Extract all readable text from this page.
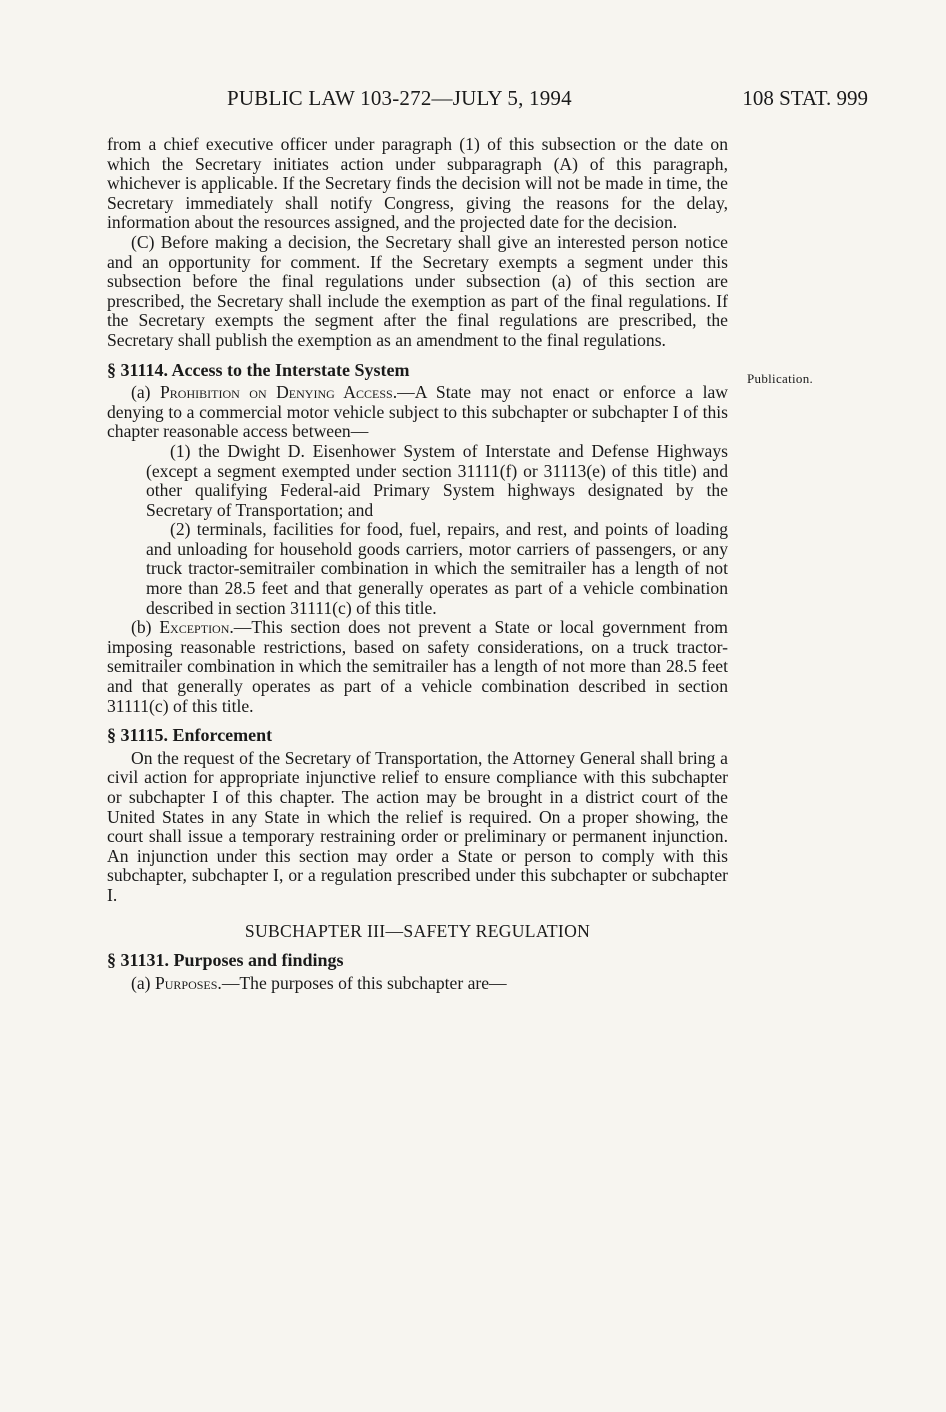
PUBLIC LAW 103-272—JULY 5, 1994	108 STAT. 999
Publication.

from a chief executive officer under paragraph (1) of this subsection or the date on which the Secretary initiates action under subparagraph (A) of this paragraph, whichever is applicable. If the Secretary finds the decision will not be made in time, the Secretary immediately shall notify Congress, giving the reasons for the delay, information about the resources assigned, and the projected date for the decision.

(C) Before making a decision, the Secretary shall give an interested person notice and an opportunity for comment. If the Secretary exempts a segment under this subsection before the final regulations under subsection (a) of this section are prescribed, the Secretary shall include the exemption as part of the final regulations. If the Secretary exempts the segment after the final regulations are prescribed, the Secretary shall publish the exemption as an amendment to the final regulations.

§ 31114. Access to the Interstate System

(a) Prohibition on Denying Access.—A State may not enact or enforce a law denying to a commercial motor vehicle subject to this subchapter or subchapter I of this chapter reasonable access between—

(1) the Dwight D. Eisenhower System of Interstate and Defense Highways (except a segment exempted under section 31111(f) or 31113(e) of this title) and other qualifying Federal-aid Primary System highways designated by the Secretary of Transportation; and

(2) terminals, facilities for food, fuel, repairs, and rest, and points of loading and unloading for household goods carriers, motor carriers of passengers, or any truck tractor-semitrailer combination in which the semitrailer has a length of not more than 28.5 feet and that generally operates as part of a vehicle combination described in section 31111(c) of this title.

(b) Exception.—This section does not prevent a State or local government from imposing reasonable restrictions, based on safety considerations, on a truck tractor-semitrailer combination in which the semitrailer has a length of not more than 28.5 feet and that generally operates as part of a vehicle combination described in section 31111(c) of this title.

§ 31115. Enforcement

On the request of the Secretary of Transportation, the Attorney General shall bring a civil action for appropriate injunctive relief to ensure compliance with this subchapter or subchapter I of this chapter. The action may be brought in a district court of the United States in any State in which the relief is required. On a proper showing, the court shall issue a temporary restraining order or preliminary or permanent injunction. An injunction under this section may order a State or person to comply with this subchapter, subchapter I, or a regulation prescribed under this subchapter or subchapter I.

SUBCHAPTER III—SAFETY REGULATION

§ 31131. Purposes and findings

(a) Purposes.—The purposes of this subchapter are—
